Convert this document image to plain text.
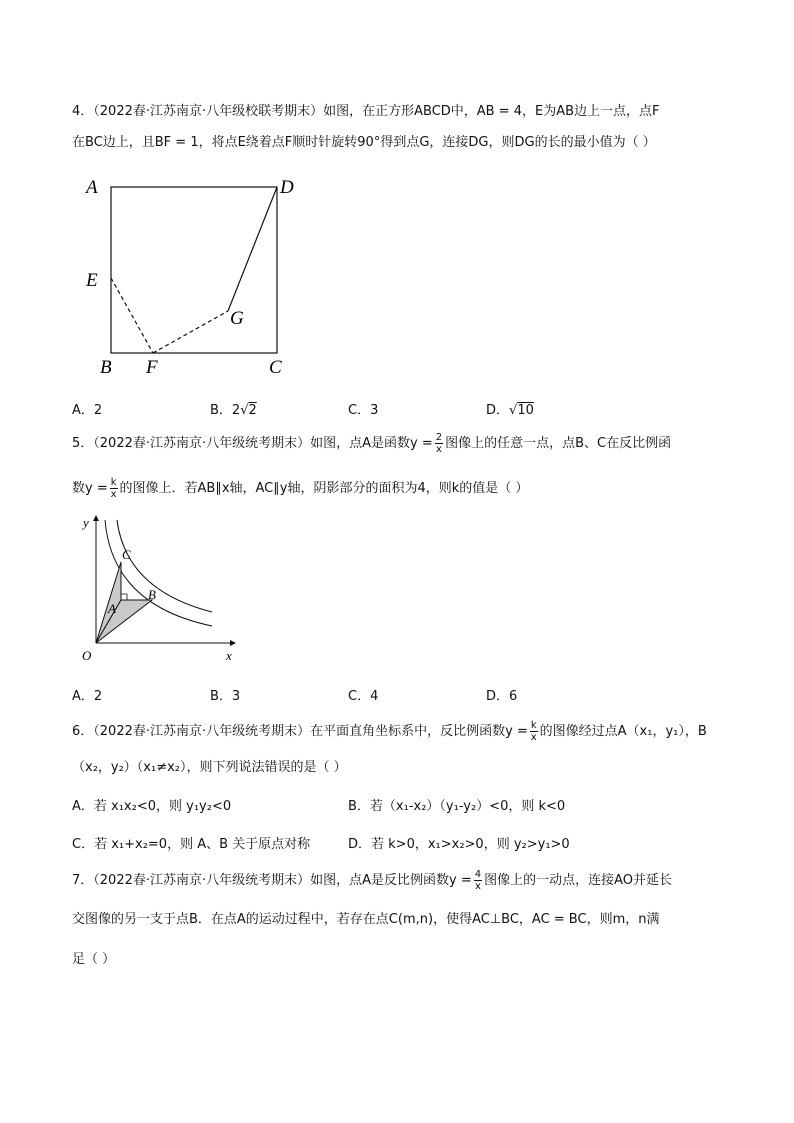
4．（2022春·江苏南京·八年级校联考期末）如图，在正方形ABCD中，AB = 4，E为AB边上一点，点F
在BC边上，且BF = 1，将点E绕着点F顺时针旋转90°得到点G，连接DG，则DG的长的最小值为（ ）
A	D
E
G
B F	C
A．2	B．2√2	C．3	D．√10
5．（2022春·江苏南京·八年级统考期末）如图，点A是函数$y = \frac{2}{x}$ 图像上的任意一点，点B、C在反比例函
数$y = \frac{k}{x}$ 的图像上．若AB∥x轴，AC∥y轴，阴影部分的面积为4，则k的值是（ ）
y
x
O
A
B
C
A．2	B．3	C．4	D．6
6．（2022春·江苏南京·八年级统考期末）在平面直角坐标系中，反比例函数$y = \frac{k}{x}$ 的图像经过点A（x₁，y₁），B
（x₂，y₂）（x₁≠x₂），则下列说法错误的是（ ）
A．若 x₁x₂<0，则 y₁y₂<0	B．若（x₁-x₂）（y₁-y₂）<0，则 k<0
C．若 x₁+x₂=0，则 A、B 关于原点对称	D．若 k>0，x₁>x₂>0，则 y₂>y₁>0
7．（2022春·江苏南京·八年级统考期末）如图，点A是反比例函数$y = \frac{4}{x}$ 图像上的一动点，连接AO并延长
交图像的另一支于点B．在点A的运动过程中，若存在点C(m,n)，使得AC⊥BC，AC = BC，则m，n满
足（ ）
